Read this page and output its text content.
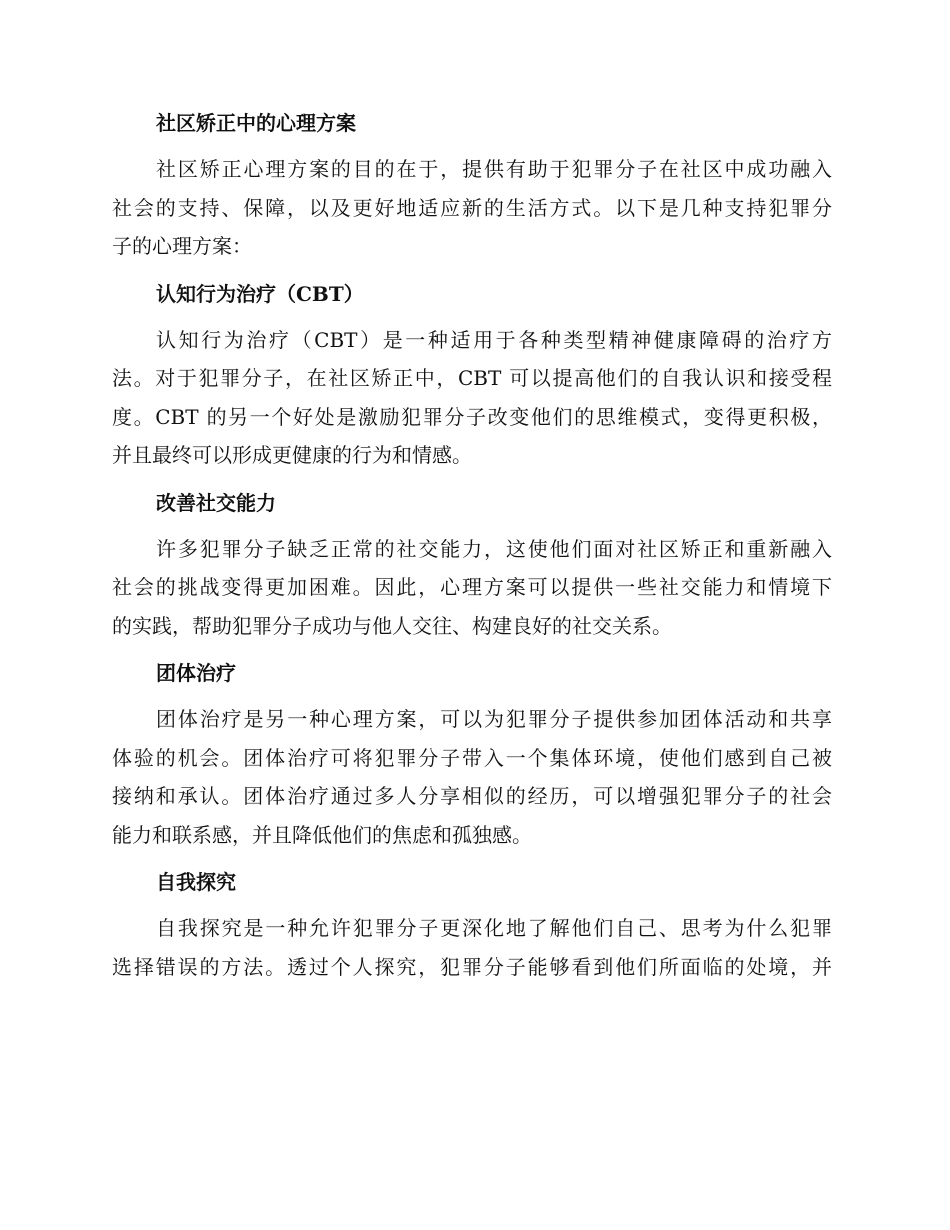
社区矫正中的心理方案
社区矫正心理方案的目的在于，提供有助于犯罪分子在社区中成功融入
社会的支持、保障，以及更好地适应新的生活方式。以下是几种支持犯罪分
子的心理方案：
认知行为治疗（CBT）
认知行为治疗（CBT）是一种适用于各种类型精神健康障碍的治疗方
法。对于犯罪分子，在社区矫正中，CBT 可以提高他们的自我认识和接受程
度。CBT 的另一个好处是激励犯罪分子改变他们的思维模式，变得更积极，
并且最终可以形成更健康的行为和情感。
改善社交能力
许多犯罪分子缺乏正常的社交能力，这使他们面对社区矫正和重新融入
社会的挑战变得更加困难。因此，心理方案可以提供一些社交能力和情境下
的实践，帮助犯罪分子成功与他人交往、构建良好的社交关系。
团体治疗
团体治疗是另一种心理方案，可以为犯罪分子提供参加团体活动和共享
体验的机会。团体治疗可将犯罪分子带入一个集体环境，使他们感到自己被
接纳和承认。团体治疗通过多人分享相似的经历，可以增强犯罪分子的社会
能力和联系感，并且降低他们的焦虑和孤独感。
自我探究
自我探究是一种允许犯罪分子更深化地了解他们自己、思考为什么犯罪
选择错误的方法。透过个人探究，犯罪分子能够看到他们所面临的处境，并
